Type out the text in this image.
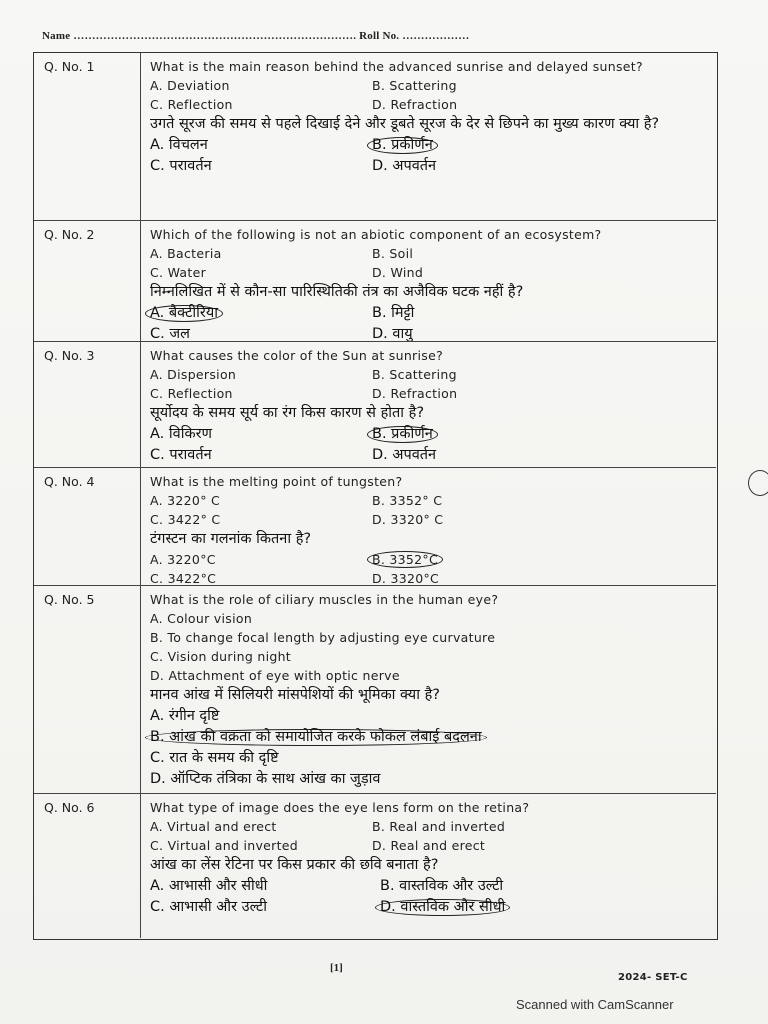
Name …………………………………………………………………. Roll No. ………………
Q. No. 1	What is the main reason behind the advanced sunrise and delayed sunset?
A. Deviation	B. Scattering
C. Reflection	D. Refraction
उगते सूरज की समय से पहले दिखाई देने और डूबते सूरज के देर से छिपने का मुख्य कारण क्या है?
A. विचलन	B. प्रकीर्णन
C. परावर्तन	D. अपवर्तन
Q. No. 2	Which of the following is not an abiotic component of an ecosystem?
A. Bacteria	B. Soil
C. Water	D. Wind
निम्नलिखित में से कौन-सा पारिस्थितिकी तंत्र का अजैविक घटक नहीं है?
A. बैक्टीरिया	B. मिट्टी
C. जल	D. वायु
Q. No. 3	What causes the color of the Sun at sunrise?
A. Dispersion	B. Scattering
C. Reflection	D. Refraction
सूर्योदय के समय सूर्य का रंग किस कारण से होता है?
A. विकिरण	B. प्रकीर्णन
C. परावर्तन	D. अपवर्तन
Q. No. 4	What is the melting point of tungsten?
A. 3220° C	B. 3352° C
C. 3422° C	D. 3320° C
टंगस्टन का गलनांक कितना है?
A. 3220°C	B. 3352°C
C. 3422°C	D. 3320°C
Q. No. 5	What is the role of ciliary muscles in the human eye?
A. Colour vision
B. To change focal length by adjusting eye curvature
C. Vision during night
D. Attachment of eye with optic nerve
मानव आंख में सिलियरी मांसपेशियों की भूमिका क्या है?
A. रंगीन दृष्टि
B. आंख की वक्रता को समायोजित करके फोकल लंबाई बदलना
C. रात के समय की दृष्टि
D. ऑप्टिक तंत्रिका के साथ आंख का जुड़ाव
Q. No. 6	What type of image does the eye lens form on the retina?
A. Virtual and erect	B. Real and inverted
C. Virtual and inverted	D. Real and erect
आंख का लेंस रेटिना पर किस प्रकार की छवि बनाता है?
A. आभासी और सीधी	B. वास्तविक और उल्टी
C. आभासी और उल्टी	D. वास्तविक और सीधी
[1]
2024- SET-C
Scanned with CamScanner
